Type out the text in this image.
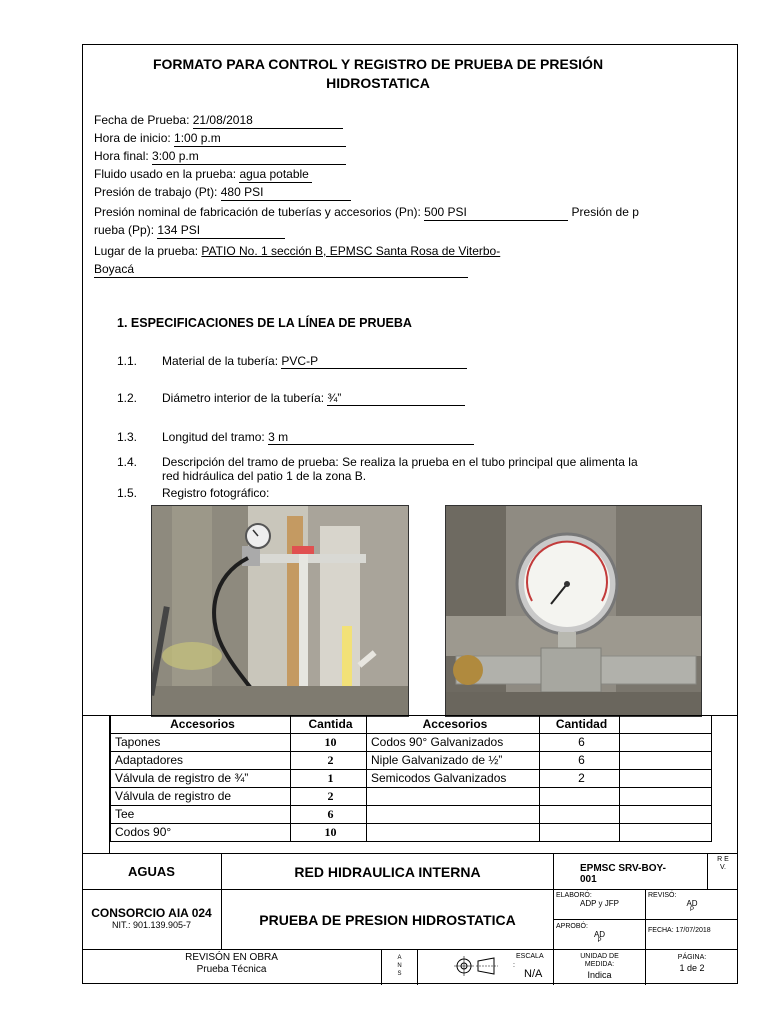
FORMATO PARA CONTROL Y REGISTRO DE PRUEBA DE PRESIÓN
HIDROSTATICA
Fecha de Prueba: 21/08/2018
Hora de inicio: 1:00 p.m
Hora final: 3:00 p.m
Fluido usado en la prueba: agua potable
Presión de trabajo (Pt): 480 PSI
Presión nominal de fabricación de tuberías y accesorios (Pn): 500 PSI	Presión de p
rueba (Pp): 134 PSI
Lugar de la prueba: PATIO No. 1 sección B, EPMSC Santa Rosa de Viterbo-
Boyacá
1. ESPECIFICACIONES DE LA LÍNEA DE PRUEBA
1.1. Material de la tubería: PVC-P
1.2. Diámetro interior de la tubería: ¾”
1.3. Longitud del tramo: 3 m
1.4. Descripción del tramo de prueba: Se realiza la prueba en el tubo principal que alimenta la
red hidráulica del patio 1 de la zona B.
1.5. Registro fotográfico:
Accesorios	Cantida	Accesorios	Cantidad	
Tapones	10	Codos 90° Galvanizados	6	
Adaptadores	2	Niple Galvanizado de ½”	6	
Válvula de registro de ¾”	1	Semicodos Galvanizados	2	
Válvula de registro de	2			
Tee	6			
Codos 90°	10			
AGUAS	RED HIDRAULICA INTERNA	EPMSC SRV-BOY-
001
R E V.
CONSORCIO AIA 024
NIT.: 901.139.905-7	PRUEBA DE PRESION HIDROSTATICA
ELABORÓ:
ADP y JFP
REVISÓ:
AD
P
APROBÓ:
AD
P
FECHA: 17/07/2018
REVISÓN EN OBRA
Prueba Técnica
A N S
ESCALA
:
N/A
UNIDAD DE
MEDIDA:
Indica
PÁGINA:
1 de 2
